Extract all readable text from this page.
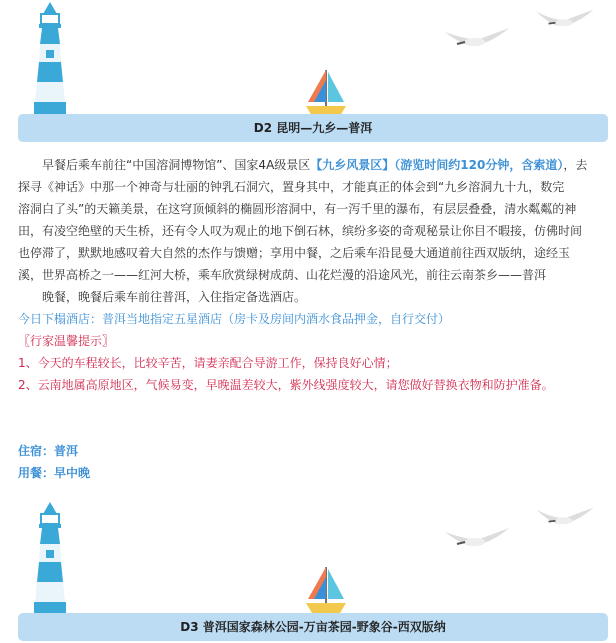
D2 昆明—九乡—普洱

早餐后乘车前往“中国溶洞博物馆”、国家4A级景区【九乡风景区】（游览时间约120分钟，含索道），去

探寻《神话》中那一个神奇与壮丽的钟乳石洞穴，置身其中，才能真正的体会到“九乡溶洞九十九，数完

溶洞白了头”的天籁美景，在这穹顶倾斜的椭圆形溶洞中，有一泻千里的瀑布，有层层叠叠，清水粼粼的神

田，有凌空绝壁的天生桥，还有令人叹为观止的地下倒石林，缤纷多姿的奇观秘景让你目不暇接，仿佛时间

也停滞了，默默地感叹着大自然的杰作与馈赠；享用中餐，之后乘车沿昆曼大通道前往西双版纳，途经玉

溪，世界高桥之一——红河大桥，乘车欣赏绿树成荫、山花烂漫的沿途风光，前往云南茶乡——普洱

晚餐，晚餐后乘车前往普洱，入住指定备选酒店。

今日下榻酒店：普洱当地指定五星酒店（房卡及房间内酒水食品押金，自行交付）

〖行家温馨提示〗

1、今天的车程较长，比较辛苦，请妻亲配合导游工作，保持良好心情；

2、云南地属高原地区，气候易变，早晚温差较大，紫外线强度较大，请您做好替换衣物和防护准备。

住宿：普洱

用餐：早中晚

D3 普洱国家森林公园-万亩茶园-野象谷-西双版纳
